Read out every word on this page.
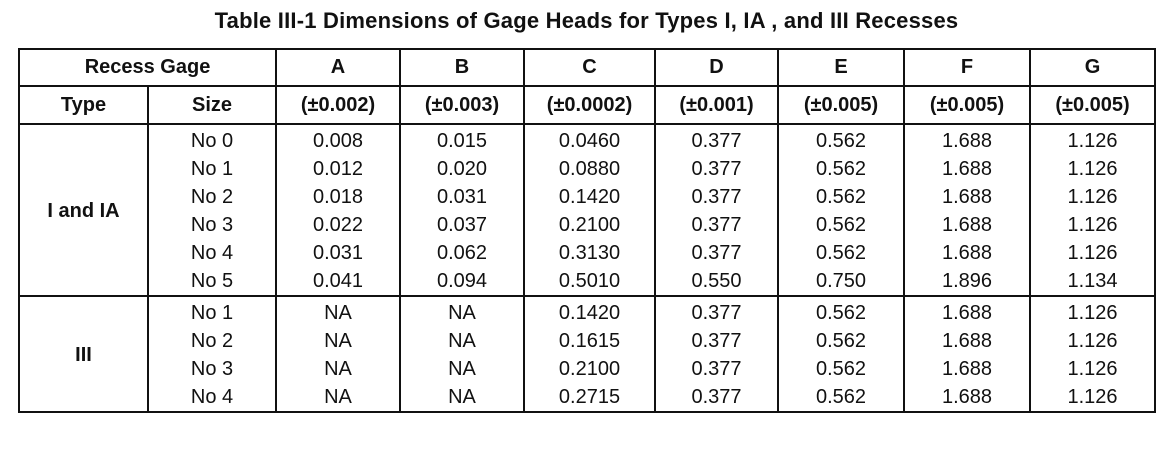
Table III-1 Dimensions of Gage Heads for Types I, IA , and III Recesses
Recess Gage		A	B	C	D	E	F	G
Type	Size	(±0.002)	(±0.003)	(±0.0002)	(±0.001)	(±0.005)	(±0.005)	(±0.005)
I and IA	No 0	0.008	0.015	0.0460	0.377	0.562	1.688	1.126
	No 1	0.012	0.020	0.0880	0.377	0.562	1.688	1.126
	No 2	0.018	0.031	0.1420	0.377	0.562	1.688	1.126
	No 3	0.022	0.037	0.2100	0.377	0.562	1.688	1.126
	No 4	0.031	0.062	0.3130	0.377	0.562	1.688	1.126
	No 5	0.041	0.094	0.5010	0.550	0.750	1.896	1.134
III	No 1	NA	NA	0.1420	0.377	0.562	1.688	1.126
	No 2	NA	NA	0.1615	0.377	0.562	1.688	1.126
	No 3	NA	NA	0.2100	0.377	0.562	1.688	1.126
	No 4	NA	NA	0.2715	0.377	0.562	1.688	1.126
